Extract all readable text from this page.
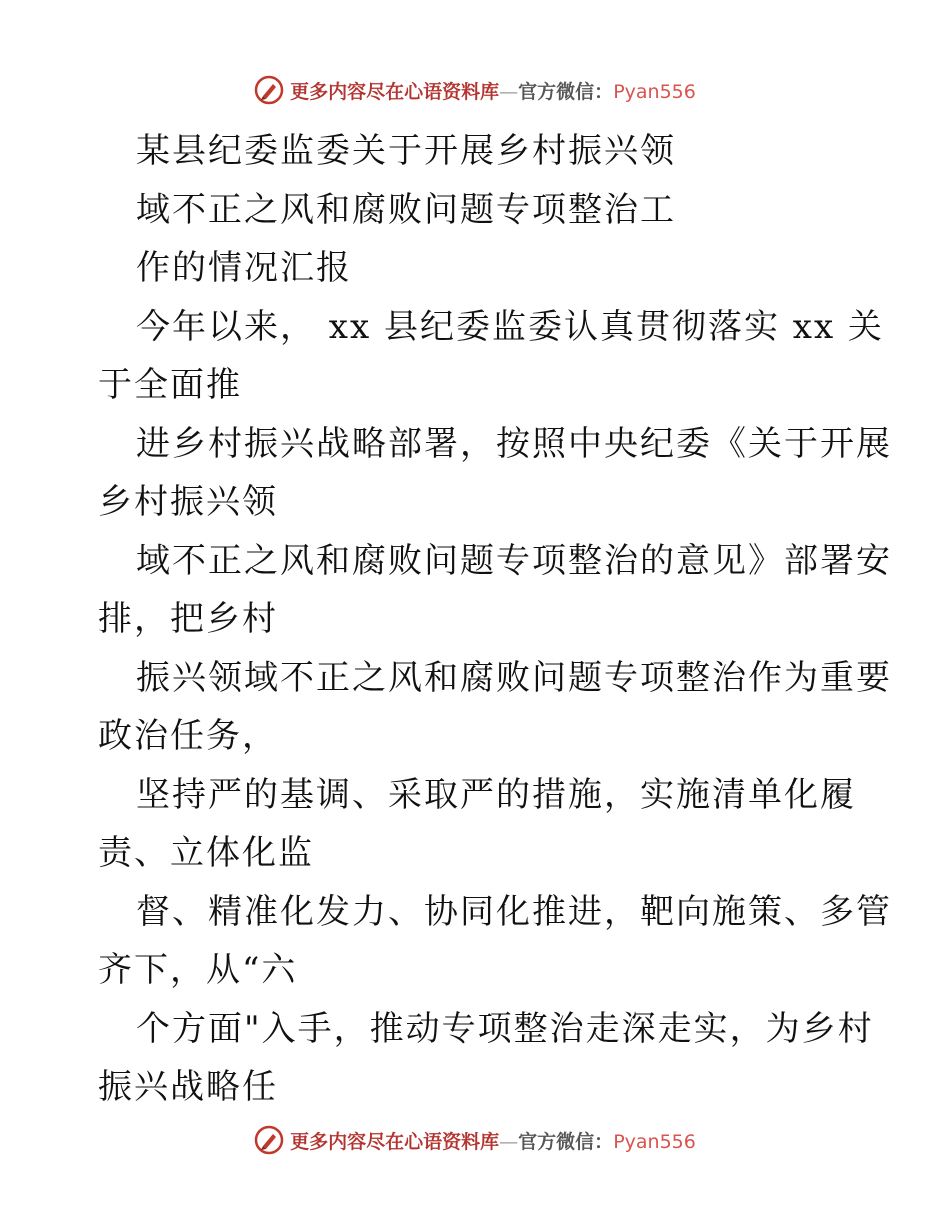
更多内容尽在心语资料库—官方微信：Pyan556
某县纪委监委关于开展乡村振兴领
域不正之风和腐败问题专项整治工
作的情况汇报
今年以来， xx 县纪委监委认真贯彻落实 xx 关
于全面推
进乡村振兴战略部署，按照中央纪委《关于开展
乡村振兴领
域不正之风和腐败问题专项整治的意见》部署安
排，把乡村
振兴领域不正之风和腐败问题专项整治作为重要
政治任务，
坚持严的基调、采取严的措施，实施清单化履
责、立体化监
督、精准化发力、协同化推进，靶向施策、多管
齐下，从“六
个方面"入手，推动专项整治走深走实，为乡村
振兴战略任
更多内容尽在心语资料库—官方微信：Pyan556
